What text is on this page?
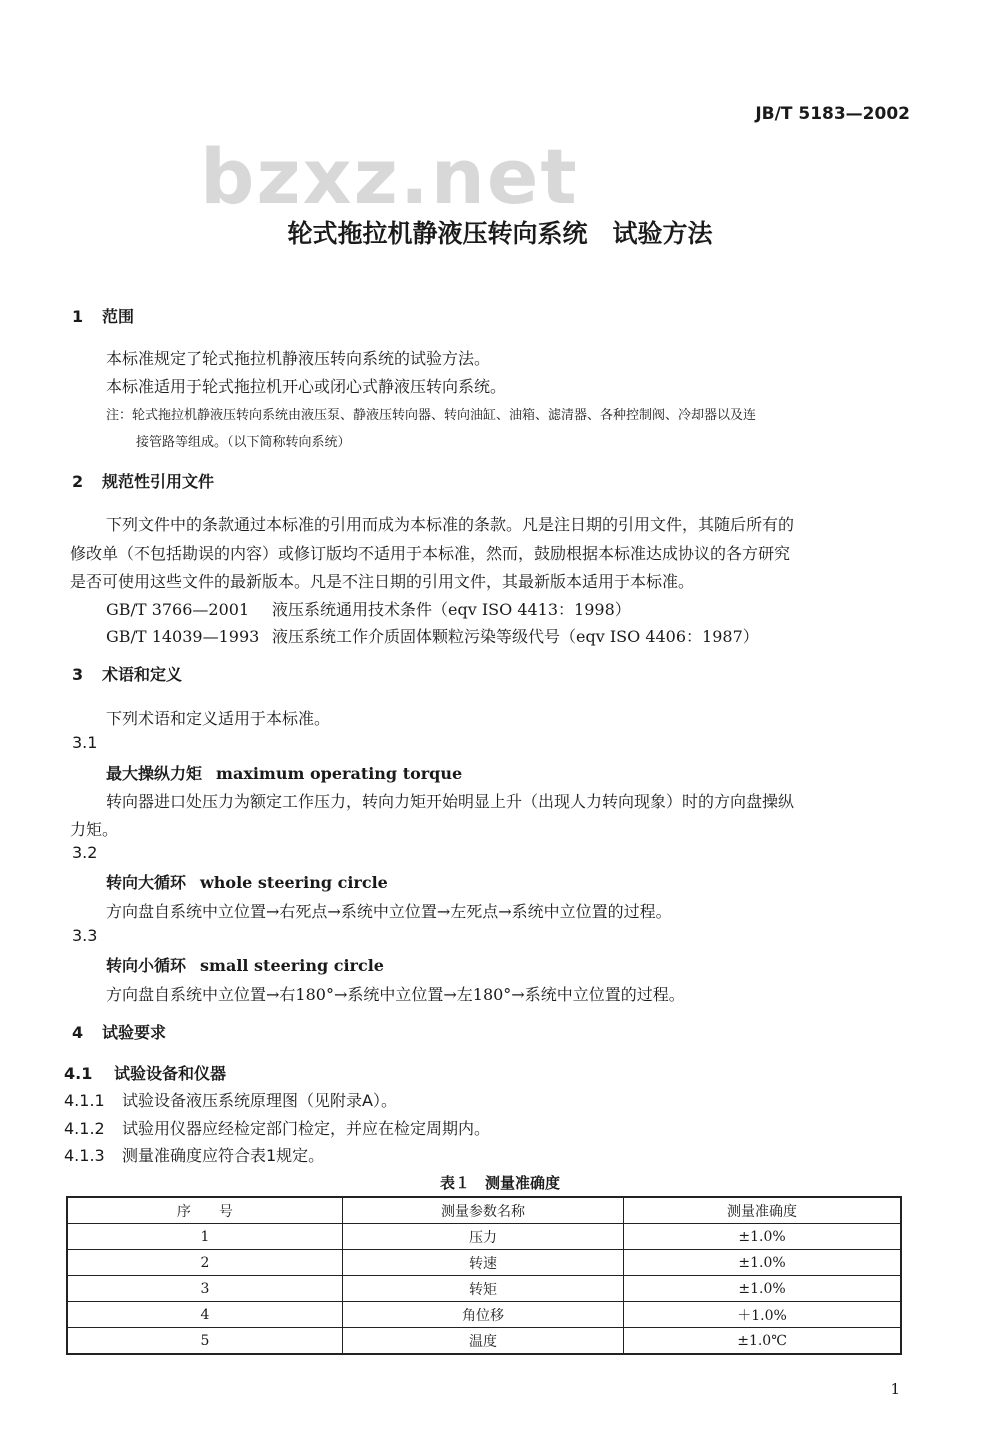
JB/T 5183—2002
bzxz.net
轮式拖拉机静液压转向系统　试验方法
1 范围
本标准规定了轮式拖拉机静液压转向系统的试验方法。
本标准适用于轮式拖拉机开心或闭心式静液压转向系统。
注：轮式拖拉机静液压转向系统由液压泵、静液压转向器、转向油缸、油箱、滤清器、各种控制阀、冷却器以及连
接管路等组成。（以下简称转向系统）
2 规范性引用文件
下列文件中的条款通过本标准的引用而成为本标准的条款。凡是注日期的引用文件，其随后所有的
修改单（不包括勘误的内容）或修订版均不适用于本标准，然而，鼓励根据本标准达成协议的各方研究
是否可使用这些文件的最新版本。凡是不注日期的引用文件，其最新版本适用于本标准。
GB/T 3766—2001 液压系统通用技术条件（eqv ISO 4413：1998）
GB/T 14039—1993 液压系统工作介质固体颗粒污染等级代号（eqv ISO 4406：1987）
3 术语和定义
下列术语和定义适用于本标准。
3.1
最大操纵力矩 maximum operating torque
转向器进口处压力为额定工作压力，转向力矩开始明显上升（出现人力转向现象）时的方向盘操纵
力矩。
3.2
转向大循环 whole steering circle
方向盘自系统中立位置→右死点→系统中立位置→左死点→系统中立位置的过程。
3.3
转向小循环 small steering circle
方向盘自系统中立位置→右180°→系统中立位置→左180°→系统中立位置的过程。
4 试验要求
4.1 试验设备和仪器
4.1.1 试验设备液压系统原理图（见附录A）。
4.1.2 试验用仪器应经检定部门检定，并应在检定周期内。
4.1.3 测量准确度应符合表1规定。
表１　测量准确度
序　　号	测量参数名称	测量准确度
1	压力	±1.0%
2	转速	±1.0%
3	转矩	±1.0%
4	角位移	＋1.0%
5	温度	±1.0℃
1
